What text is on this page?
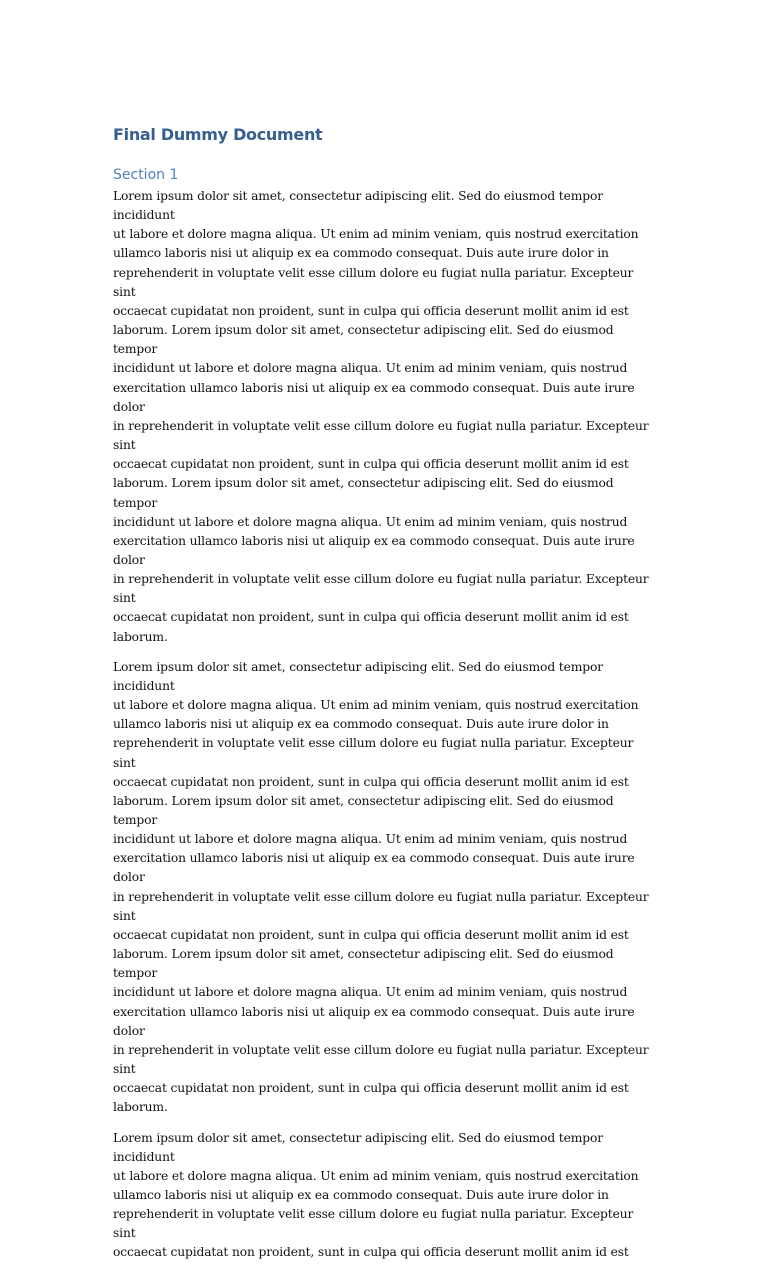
Final Dummy Document
Section 1

Lorem ipsum dolor sit amet, consectetur adipiscing elit. Sed do eiusmod tempor incididunt
ut labore et dolore magna aliqua. Ut enim ad minim veniam, quis nostrud exercitation
ullamco laboris nisi ut aliquip ex ea commodo consequat. Duis aute irure dolor in
reprehenderit in voluptate velit esse cillum dolore eu fugiat nulla pariatur. Excepteur sint
occaecat cupidatat non proident, sunt in culpa qui officia deserunt mollit anim id est
laborum. Lorem ipsum dolor sit amet, consectetur adipiscing elit. Sed do eiusmod tempor
incididunt ut labore et dolore magna aliqua. Ut enim ad minim veniam, quis nostrud
exercitation ullamco laboris nisi ut aliquip ex ea commodo consequat. Duis aute irure dolor
in reprehenderit in voluptate velit esse cillum dolore eu fugiat nulla pariatur. Excepteur sint
occaecat cupidatat non proident, sunt in culpa qui officia deserunt mollit anim id est
laborum. Lorem ipsum dolor sit amet, consectetur adipiscing elit. Sed do eiusmod tempor
incididunt ut labore et dolore magna aliqua. Ut enim ad minim veniam, quis nostrud
exercitation ullamco laboris nisi ut aliquip ex ea commodo consequat. Duis aute irure dolor
in reprehenderit in voluptate velit esse cillum dolore eu fugiat nulla pariatur. Excepteur sint
occaecat cupidatat non proident, sunt in culpa qui officia deserunt mollit anim id est
laborum.

Lorem ipsum dolor sit amet, consectetur adipiscing elit. Sed do eiusmod tempor incididunt
ut labore et dolore magna aliqua. Ut enim ad minim veniam, quis nostrud exercitation
ullamco laboris nisi ut aliquip ex ea commodo consequat. Duis aute irure dolor in
reprehenderit in voluptate velit esse cillum dolore eu fugiat nulla pariatur. Excepteur sint
occaecat cupidatat non proident, sunt in culpa qui officia deserunt mollit anim id est
laborum. Lorem ipsum dolor sit amet, consectetur adipiscing elit. Sed do eiusmod tempor
incididunt ut labore et dolore magna aliqua. Ut enim ad minim veniam, quis nostrud
exercitation ullamco laboris nisi ut aliquip ex ea commodo consequat. Duis aute irure dolor
in reprehenderit in voluptate velit esse cillum dolore eu fugiat nulla pariatur. Excepteur sint
occaecat cupidatat non proident, sunt in culpa qui officia deserunt mollit anim id est
laborum. Lorem ipsum dolor sit amet, consectetur adipiscing elit. Sed do eiusmod tempor
incididunt ut labore et dolore magna aliqua. Ut enim ad minim veniam, quis nostrud
exercitation ullamco laboris nisi ut aliquip ex ea commodo consequat. Duis aute irure dolor
in reprehenderit in voluptate velit esse cillum dolore eu fugiat nulla pariatur. Excepteur sint
occaecat cupidatat non proident, sunt in culpa qui officia deserunt mollit anim id est
laborum.

Lorem ipsum dolor sit amet, consectetur adipiscing elit. Sed do eiusmod tempor incididunt
ut labore et dolore magna aliqua. Ut enim ad minim veniam, quis nostrud exercitation
ullamco laboris nisi ut aliquip ex ea commodo consequat. Duis aute irure dolor in
reprehenderit in voluptate velit esse cillum dolore eu fugiat nulla pariatur. Excepteur sint
occaecat cupidatat non proident, sunt in culpa qui officia deserunt mollit anim id est
